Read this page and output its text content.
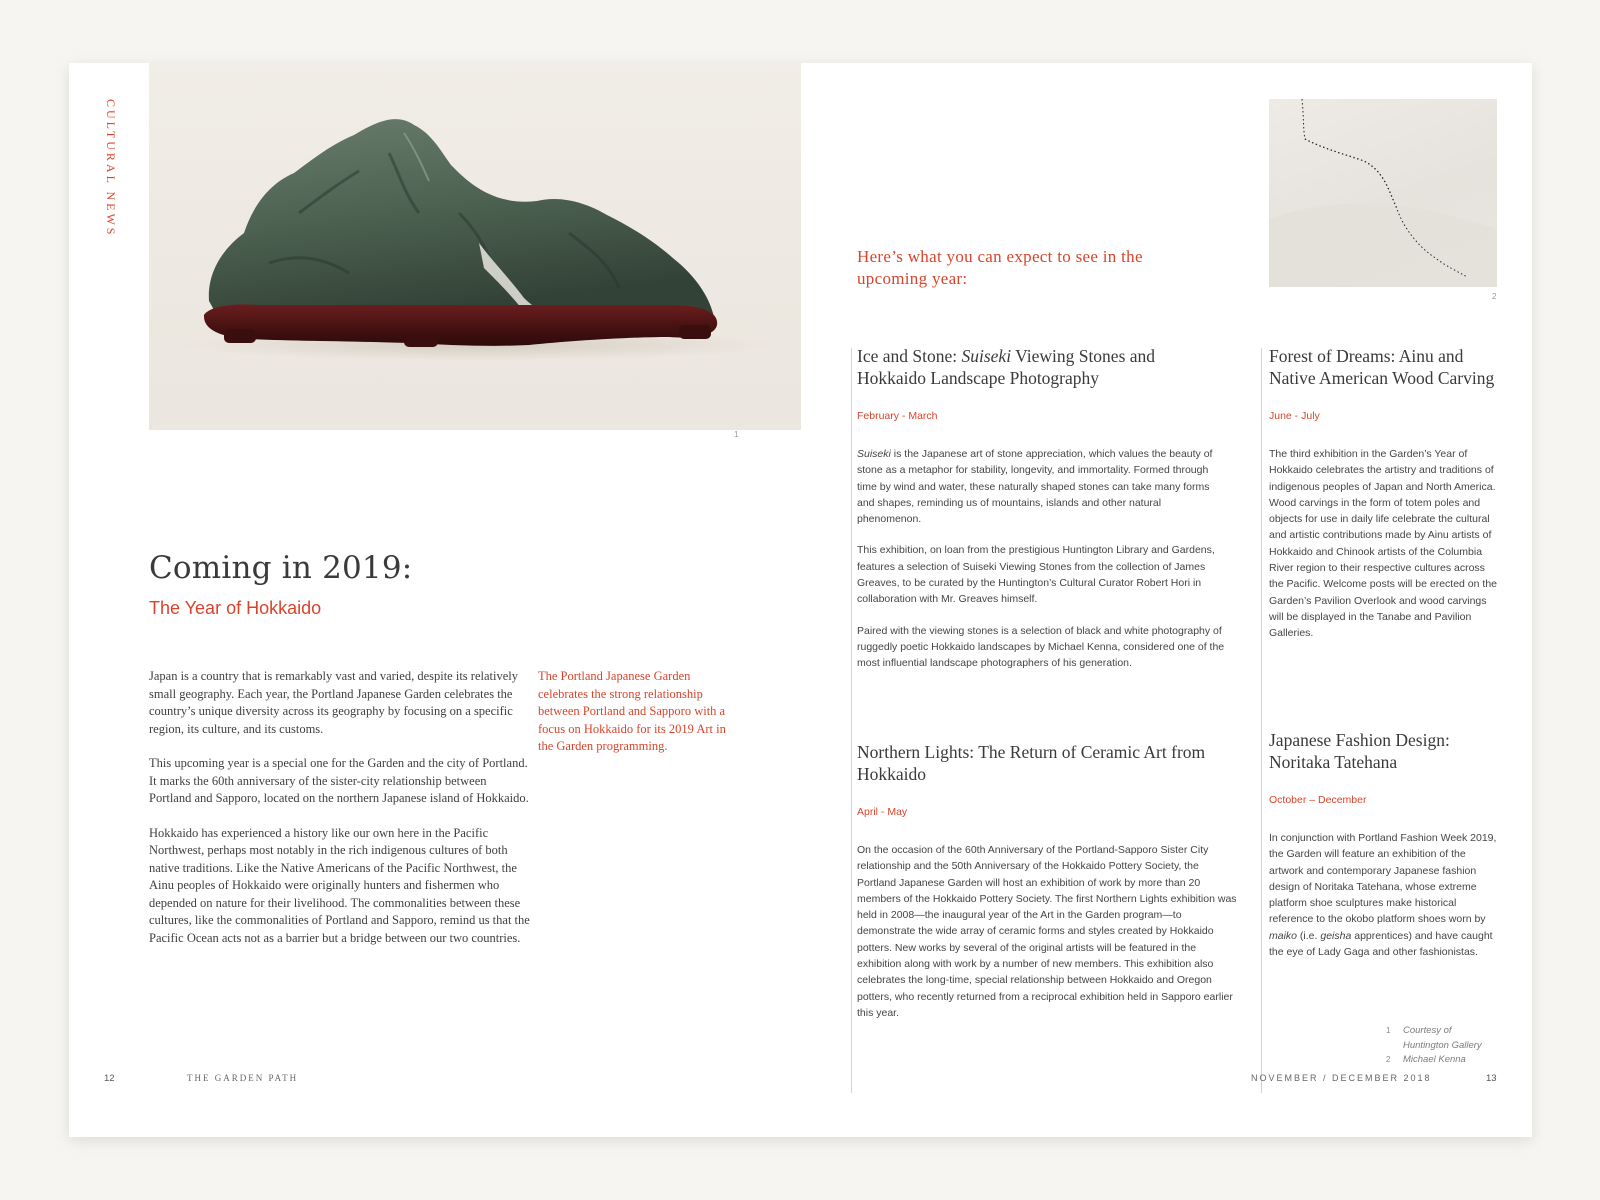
CULTURAL NEWS
1
Coming in 2019:
The Year of Hokkaido

Japan is a country that is remarkably vast and varied, despite its relatively small geography. Each year, the Portland Japanese Garden celebrates the country’s unique diversity across its geography by focusing on a specific region, its culture, and its customs.

This upcoming year is a special one for the Garden and the city of Portland. It marks the 60th anniversary of the sister-city relationship between Portland and Sapporo, located on the northern Japanese island of Hokkaido.

Hokkaido has experienced a history like our own here in the Pacific Northwest, perhaps most notably in the rich indigenous cultures of both native traditions. Like the Native Americans of the Pacific Northwest, the Ainu peoples of Hokkaido were originally hunters and fishermen who depended on nature for their livelihood. The commonalities between these cultures, like the commonalities of Portland and Sapporo, remind us that the Pacific Ocean acts not as a barrier but a bridge between our two countries.

The Portland Japanese Garden celebrates the strong relationship between Portland and Sapporo with a focus on Hokkaido for its 2019 Art in the Garden programming.
12	THE GARDEN PATH
Here’s what you can expect to see in the upcoming year:
2
Ice and Stone: Suiseki Viewing Stones and Hokkaido Landscape Photography
February - March

Suiseki is the Japanese art of stone appreciation, which values the beauty of stone as a metaphor for stability, longevity, and immortality. Formed through time by wind and water, these naturally shaped stones can take many forms and shapes, reminding us of mountains, islands and other natural phenomenon.

This exhibition, on loan from the prestigious Huntington Library and Gardens, features a selection of Suiseki Viewing Stones from the collection of James Greaves, to be curated by the Huntington’s Cultural Curator Robert Hori in collaboration with Mr. Greaves himself.

Paired with the viewing stones is a selection of black and white photography of ruggedly poetic Hokkaido landscapes by Michael Kenna, considered one of the most influential landscape photographers of his generation.

Northern Lights: The Return of Ceramic Art from Hokkaido
April - May
On the occasion of the 60th Anniversary of the Portland-Sapporo Sister City relationship and the 50th Anniversary of the Hokkaido Pottery Society, the Portland Japanese Garden will host an exhibition of work by more than 20 members of the Hokkaido Pottery Society. The first Northern Lights exhibition was held in 2008—the inaugural year of the Art in the Garden program—to demonstrate the wide array of ceramic forms and styles created by Hokkaido potters. New works by several of the original artists will be featured in the exhibition along with work by a number of new members. This exhibition also celebrates the long-time, special relationship between Hokkaido and Oregon potters, who recently returned from a reciprocal exhibition held in Sapporo earlier this year.
Forest of Dreams: Ainu and Native American Wood Carving
June - July
The third exhibition in the Garden’s Year of Hokkaido celebrates the artistry and traditions of indigenous peoples of Japan and North America. Wood carvings in the form of totem poles and objects for use in daily life celebrate the cultural and artistic contributions made by Ainu artists of Hokkaido and Chinook artists of the Columbia River region to their respective cultures across the Pacific. Welcome posts will be erected on the Garden’s Pavilion Overlook and wood carvings will be displayed in the Tanabe and Pavilion Galleries.
Japanese Fashion Design: Noritaka Tatehana
October – December
In conjunction with Portland Fashion Week 2019, the Garden will feature an exhibition of the artwork and contemporary Japanese fashion design of Noritaka Tatehana, whose extreme platform shoe sculptures make historical reference to the okobo platform shoes worn by maiko (i.e. geisha apprentices) and have caught the eye of Lady Gaga and other fashionistas.
1	Courtesy of Huntington Gallery
2	Michael Kenna
NOVEMBER / DECEMBER 2018	13
